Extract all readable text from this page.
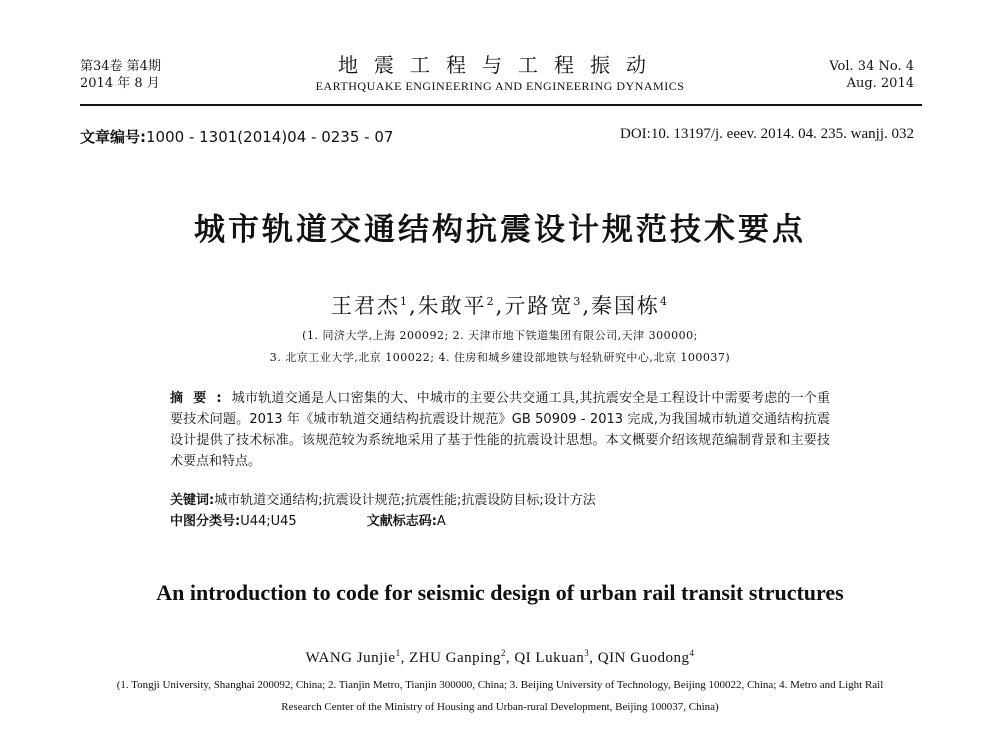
第34卷 第4期
2014 年 8 月
地震工程与工程振动
EARTHQUAKE ENGINEERING AND ENGINEERING DYNAMICS
Vol. 34 No. 4
Aug. 2014
文章编号:1000 - 1301(2014)04 - 0235 - 07	DOI:10. 13197/j. eeev. 2014. 04. 235. wanjj. 032
城市轨道交通结构抗震设计规范技术要点
王君杰$^1$,朱敢平$^2$,亓路宽$^3$,秦国栋$^4$
(1. 同济大学,上海 200092; 2. 天津市地下铁道集团有限公司,天津 300000;
3. 北京工业大学,北京 100022; 4. 住房和城乡建设部地铁与轻轨研究中心,北京 100037)
摘要:城市轨道交通是人口密集的大、中城市的主要公共交通工具,其抗震安全是工程设计中需要考虑的一个重要技术问题。2013 年《城市轨道交通结构抗震设计规范》GB 50909 - 2013 完成,为我国城市轨道交通结构抗震设计提供了技术标准。该规范较为系统地采用了基于性能的抗震设计思想。本文概要介绍该规范编制背景和主要技术要点和特点。
关键词:城市轨道交通结构;抗震设计规范;抗震性能;抗震设防目标;设计方法
中图分类号:U44;U45	文献标志码:A
An introduction to code for seismic design of urban rail transit structures
WANG Junjie$^1$, ZHU Ganping$^2$, QI Lukuan$^3$, QIN Guodong$^4$
(1. Tongji University, Shanghai 200092, China; 2. Tianjin Metro, Tianjin 300000, China; 3. Beijing University of Technology, Beijing 100022, China; 4. Metro and Light Rail Research Center of the Ministry of Housing and Urban-rural Development, Beijing 100037, China)
